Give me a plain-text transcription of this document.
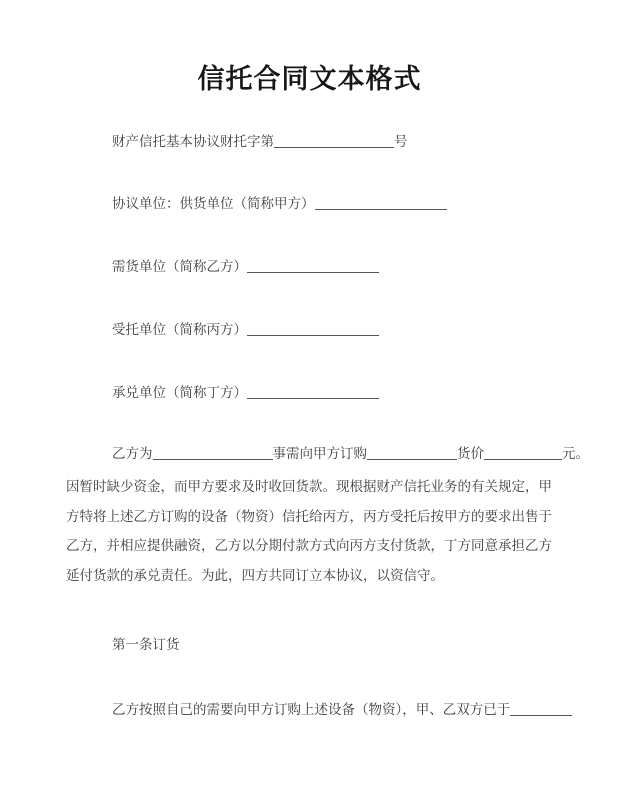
信托合同文本格式
财产信托基本协议财托字第	号
协议单位：供货单位（简称甲方）
需货单位（简称乙方）
受托单位（简称丙方）
承兑单位（简称丁方）
乙方为	事需向甲方订购	货价	元。
因暂时缺少资金，而甲方要求及时收回货款。现根据财产信托业务的有关规定，甲
方特将上述乙方订购的设备（物资）信托给丙方，丙方受托后按甲方的要求出售于
乙方，并相应提供融资，乙方以分期付款方式向丙方支付货款，丁方同意承担乙方
延付货款的承兑责任。为此，四方共同订立本协议，以资信守。
第一条订货
乙方按照自己的需要向甲方订购上述设备（物资），甲、乙双方已于
